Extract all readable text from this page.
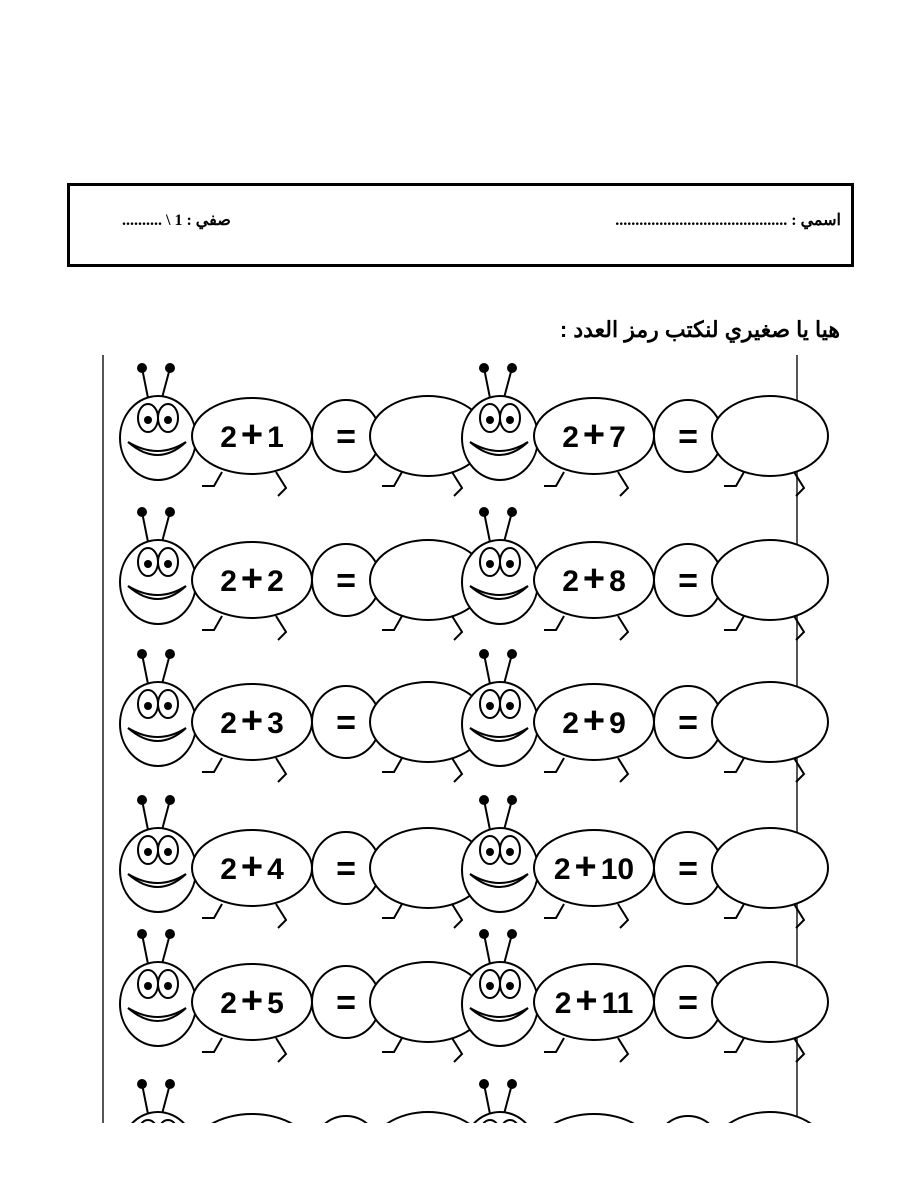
اسمي : ...........................................
صفي : 1 \ ..........
هيا يا صغيري لنكتب رمز العدد :
2 + 1 =
2 + 2 =
2 + 3 =
2 + 4 =
2 + 5 =
2 + 7 =
2 + 8 =
2 + 9 =
2 + 10 =
2 + 11 =
